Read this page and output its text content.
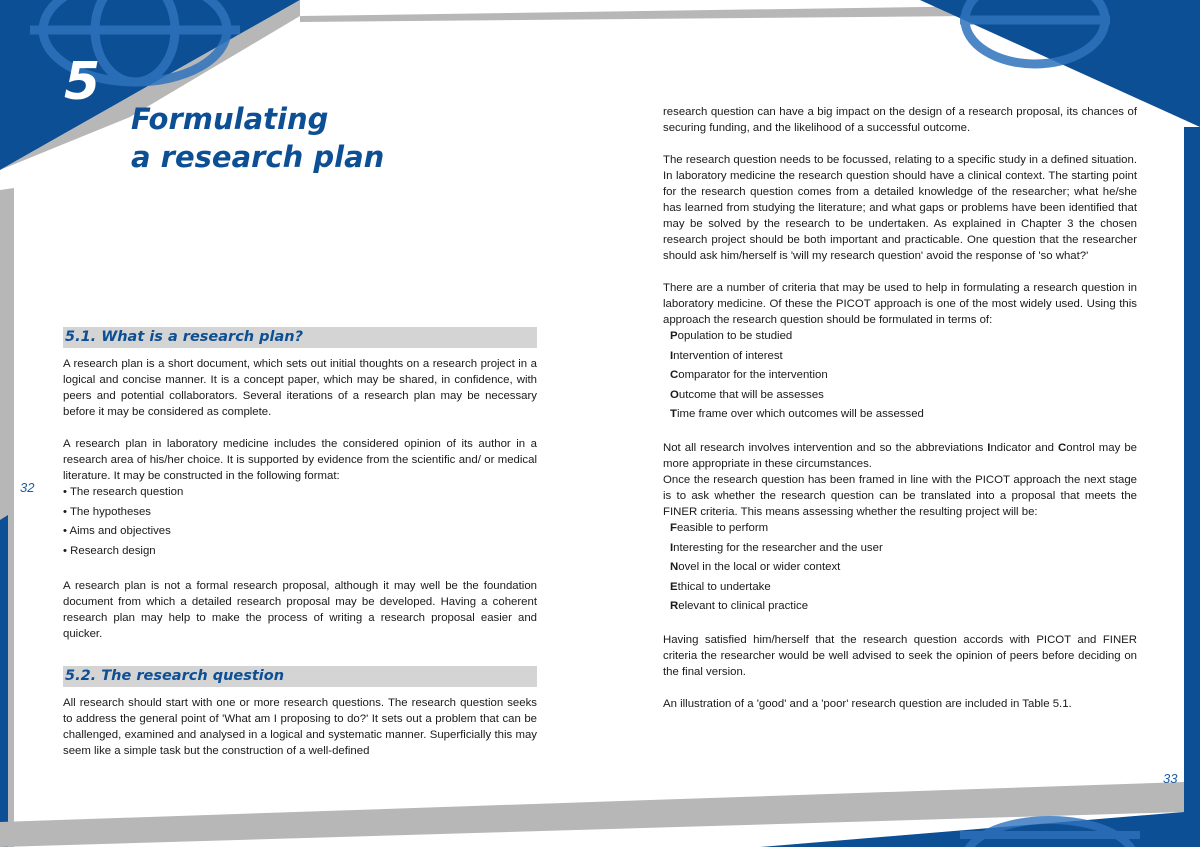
5
Formulating
a research plan
32
33
5.1. What is a research plan?

A research plan is a short document, which sets out initial thoughts on a research project in a logical and concise manner. It is a concept paper, which may be shared, in confidence, with peers and potential collaborators. Several iterations of a research plan may be necessary before it may be considered as complete.

A research plan in laboratory medicine includes the considered opinion of its author in a research area of his/her choice. It is supported by evidence from the scientific and/ or medical literature. It may be constructed in the following format:

• The research question
• The hypotheses
• Aims and objectives
• Research design

A research plan is not a formal research proposal, although it may well be the foundation document from which a detailed research proposal may be developed. Having a coherent research plan may help to make the process of writing a research proposal easier and quicker.

5.2. The research question

All research should start with one or more research questions. The research question seeks to address the general point of 'What am I proposing to do?' It sets out a problem that can be challenged, examined and analysed in a logical and systematic manner. Superficially this may seem like a simple task but the construction of a well-defined

research question can have a big impact on the design of a research proposal, its chances of securing funding, and the likelihood of a successful outcome.

The research question needs to be focussed, relating to a specific study in a defined situation. In laboratory medicine the research question should have a clinical context. The starting point for the research question comes from a detailed knowledge of the researcher; what he/she has learned from studying the literature; and what gaps or problems have been identified that may be solved by the research to be undertaken. As explained in Chapter 3 the chosen research project should be both important and practicable. One question that the researcher should ask him/herself is 'will my research question' avoid the response of 'so what?'

There are a number of criteria that may be used to help in formulating a research question in laboratory medicine. Of these the PICOT approach is one of the most widely used. Using this approach the research question should be formulated in terms of:

Population to be studied
Intervention of interest
Comparator for the intervention
Outcome that will be assesses
Time frame over which outcomes will be assessed

Not all research involves intervention and so the abbreviations Indicator and Control may be more appropriate in these circumstances.

Once the research question has been framed in line with the PICOT approach the next stage is to ask whether the research question can be translated into a proposal that meets the FINER criteria. This means assessing whether the resulting project will be:

Feasible to perform
Interesting for the researcher and the user
Novel in the local or wider context
Ethical to undertake
Relevant to clinical practice

Having satisfied him/herself that the research question accords with PICOT and FINER criteria the researcher would be well advised to seek the opinion of peers before deciding on the final version.

An illustration of a 'good' and a 'poor' research question are included in Table 5.1.
